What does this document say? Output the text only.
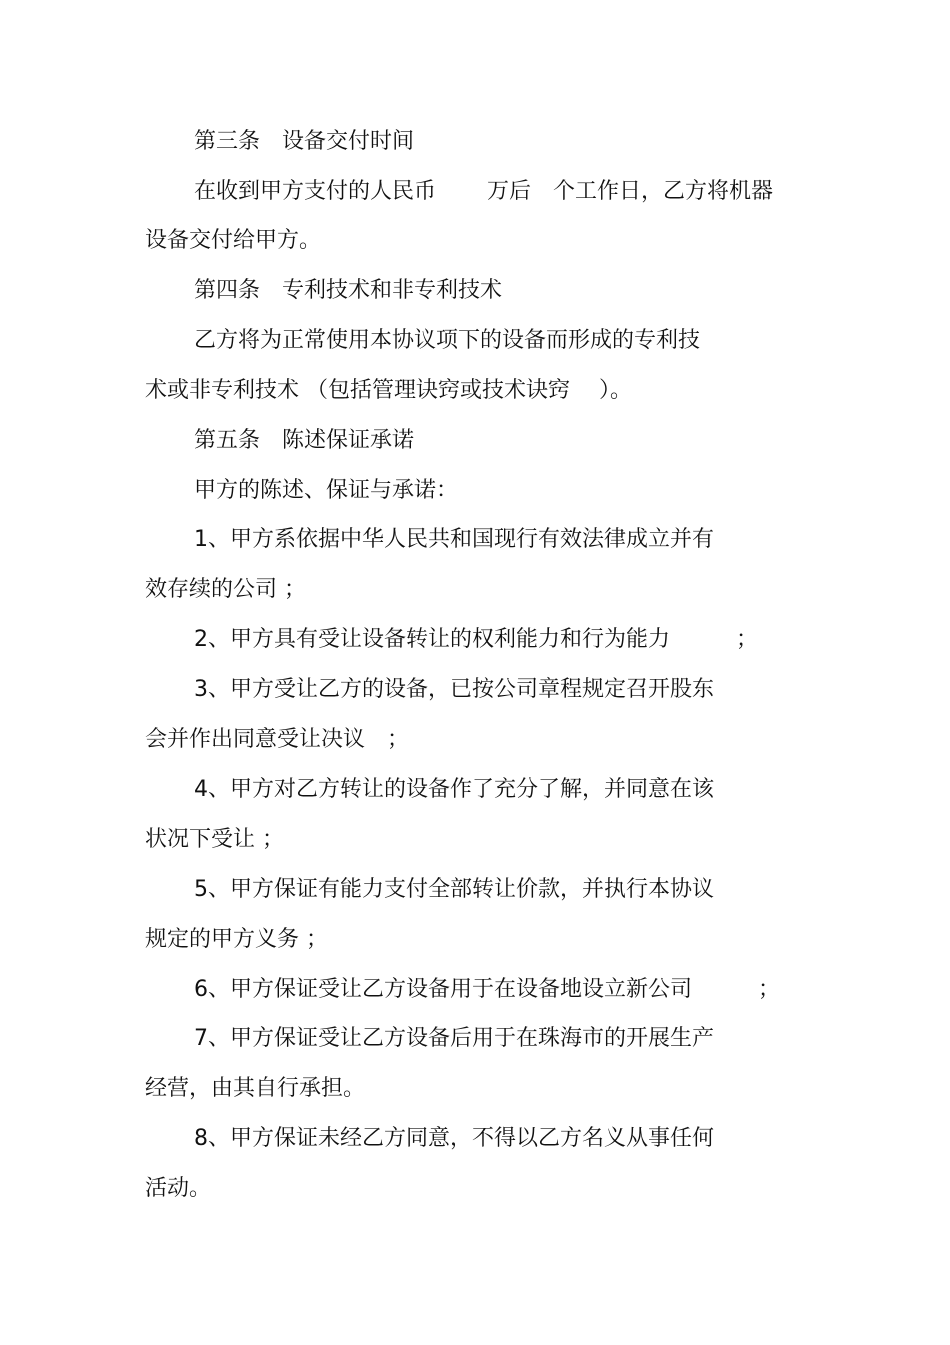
第三条　设备交付时间
在收到甲方支付的人民币　　 万后　个工作日，乙方将机器
设备交付给甲方。
第四条　专利技术和非专利技术
乙方将为正常使用本协议项下的设备而形成的专利技
术或非专利技术 （包括管理诀窍或技术诀窍　 ）。
第五条　陈述保证承诺
甲方的陈述、保证与承诺：
1、甲方系依据中华人民共和国现行有效法律成立并有
效存续的公司 ；
2、甲方具有受让设备转让的权利能力和行为能力　　　；
3、甲方受让乙方的设备，已按公司章程规定召开股东
会并作出同意受让决议　；
4、甲方对乙方转让的设备作了充分了解，并同意在该
状况下受让 ；
5、甲方保证有能力支付全部转让价款，并执行本协议
规定的甲方义务 ；
6、甲方保证受让乙方设备用于在设备地设立新公司　　　；
7、甲方保证受让乙方设备后用于在珠海市的开展生产
经营，由其自行承担。
8、甲方保证未经乙方同意，不得以乙方名义从事任何
活动。
